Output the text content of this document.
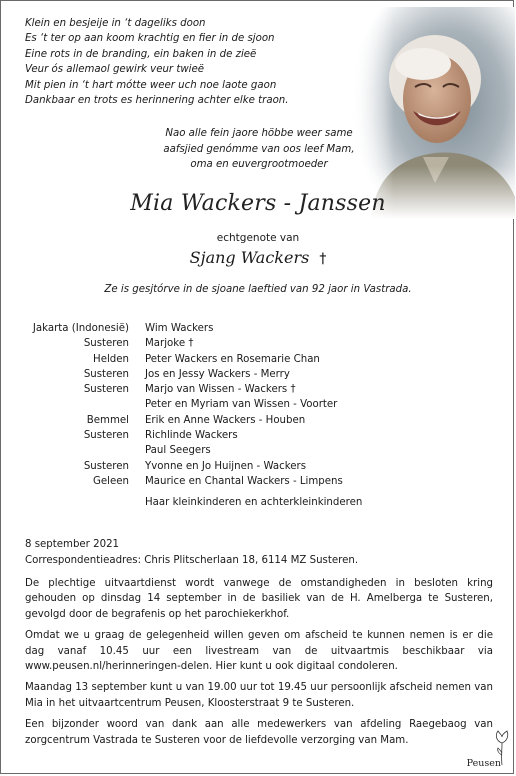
Klein en besjeije in ‘t dageliks doon
Es ‘t ter op aan koom krachtig en fier in de sjoon
Eine rots in de branding, ein baken in de zieë
Veur ós allemaol gewirk veur twieë
Mit pien in ‘t hart mótte weer uch noe laote gaon
Dankbaar en trots es herinnering achter elke traon.
Nao alle fein jaore höbbe weer same
aafsjied genómme van oos leef Mam,
oma en euvergrootmoeder
Mia Wackers - Janssen
echtgenote van
Sjang Wackers †
Ze is gesjtórve in de sjoane laeftied van 92 jaor in Vastrada.
Jakarta (Indonesië) Wim Wackers
Susteren Marjoke †
Helden Peter Wackers en Rosemarie Chan
Susteren Jos en Jessy Wackers - Merry
Susteren Marjo van Wissen - Wackers †
Peter en Myriam van Wissen - Voorter
Bemmel Erik en Anne Wackers - Houben
Susteren Richlinde Wackers
Paul Seegers
Susteren Yvonne en Jo Huijnen - Wackers
Geleen Maurice en Chantal Wackers - Limpens
Haar kleinkinderen en achterkleinkinderen
8 september 2021
Correspondentieadres: Chris Plitscherlaan 18, 6114 MZ Susteren.

De plechtige uitvaartdienst wordt vanwege de omstandigheden in besloten kring gehouden op dinsdag 14 september in de basiliek van de H. Amelberga te Susteren, gevolgd door de begrafenis op het parochiekerkhof.

Omdat we u graag de gelegenheid willen geven om afscheid te kunnen nemen is er die dag vanaf 10.45 uur een livestream van de uitvaartmis beschikbaar via www.peusen.nl/herinneringen-delen. Hier kunt u ook digitaal condoleren.

Maandag 13 september kunt u van 19.00 uur tot 19.45 uur persoonlijk afscheid nemen van Mia in het uitvaartcentrum Peusen, Kloosterstraat 9 te Susteren.

Een bijzonder woord van dank aan alle medewerkers van afdeling Raegebaog van zorgcentrum Vastrada te Susteren voor de liefdevolle verzorging van Mam.

Peusen
